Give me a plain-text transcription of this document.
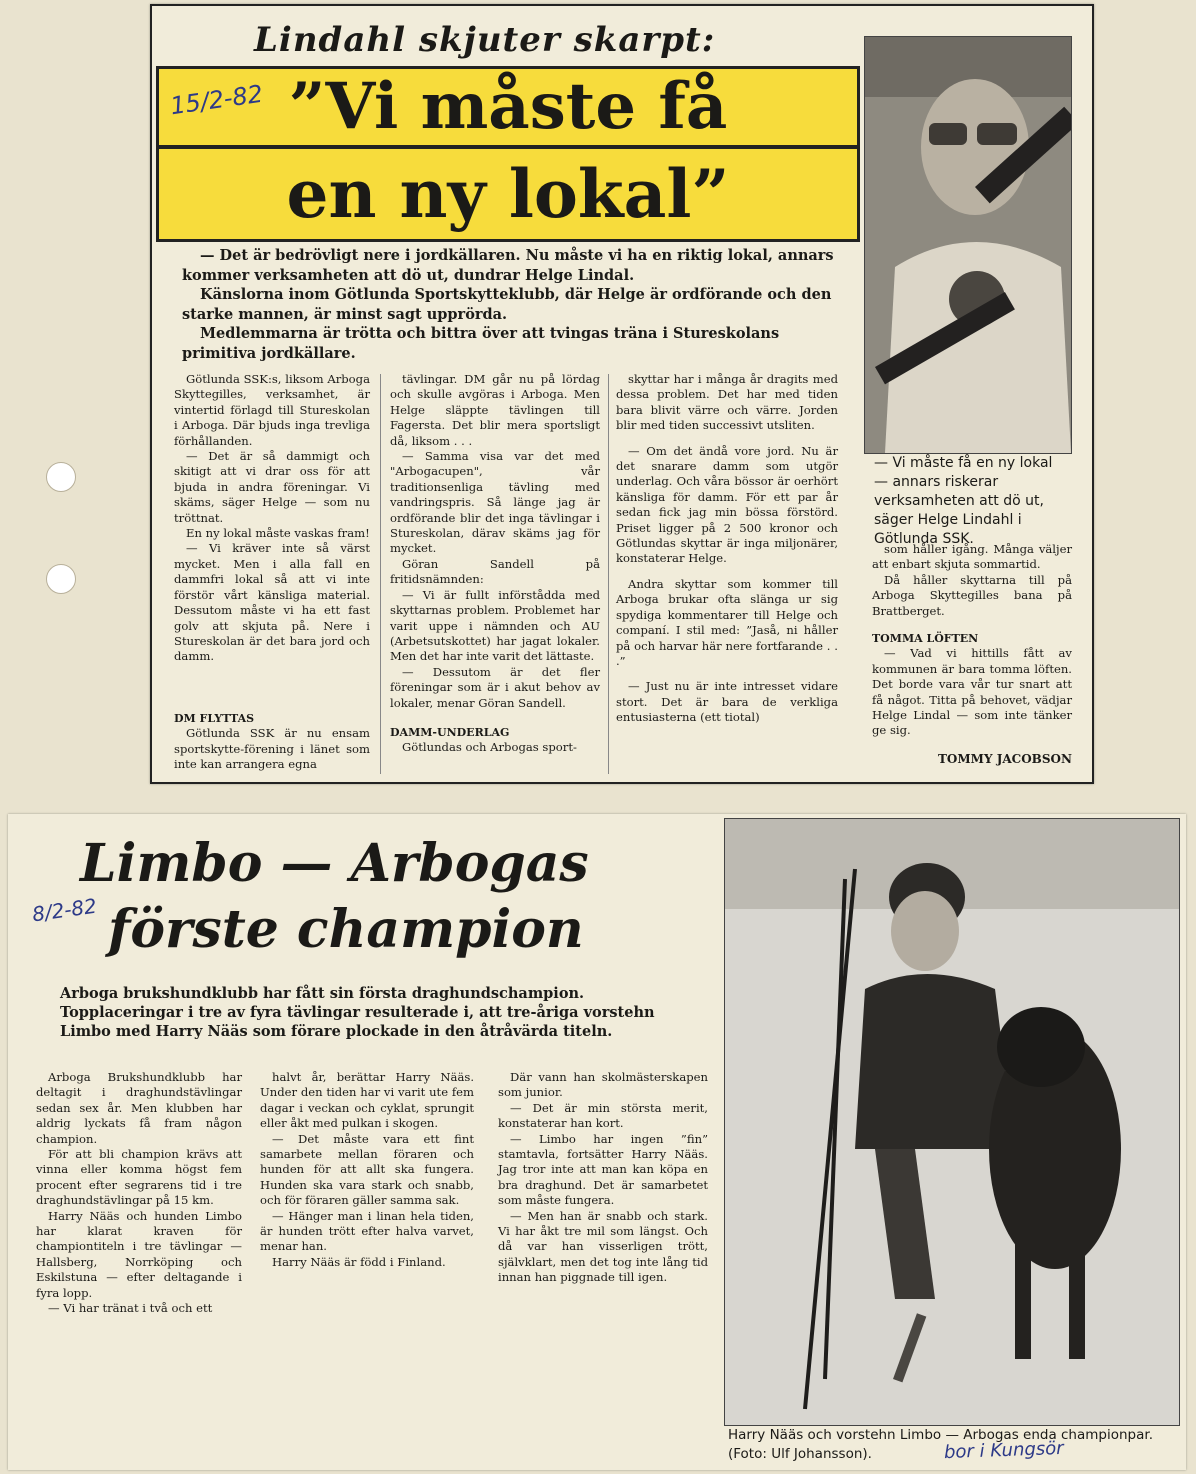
Lindahl skjuter skarpt:
”Vi måste få
en ny lokal”
15/2-82
— Vi måste få en ny lokal — annars riskerar verksamheten att dö ut, säger Helge Lindahl i Götlunda SSK.

— Det är bedrövligt nere i jordkällaren. Nu måste vi ha en riktig lokal, annars kommer verksamheten att dö ut, dundrar Helge Lindal.

Känslorna inom Götlunda Sportskytteklubb, där Helge är ordförande och den starke mannen, är minst sagt upprörda.

Medlemmarna är trötta och bittra över att tvingas träna i Stureskolans primitiva jordkällare.

Götlunda SSK:s, liksom Arboga Skyttegilles, verksamhet, är vintertid förlagd till Stureskolan i Arboga. Där bjuds inga trevliga förhållanden.

— Det är så dammigt och skitigt att vi drar oss för att bjuda in andra föreningar. Vi skäms, säger Helge — som nu tröttnat.

En ny lokal måste vaskas fram!

— Vi kräver inte så värst mycket. Men i alla fall en dammfri lokal så att vi inte förstör vårt känsliga material. Dessutom måste vi ha ett fast golv att skjuta på. Nere i Stureskolan är det bara jord och damm.

DM FLYTTAS

Götlunda SSK är nu ensam sportskytte-förening i länet som inte kan arrangera egna

tävlingar. DM går nu på lördag och skulle avgöras i Arboga. Men Helge släppte tävlingen till Fagersta. Det blir mera sportsligt då, liksom . . .

— Samma visa var det med "Arbogacupen", vår traditionsenliga tävling med vandringspris. Så länge jag är ordförande blir det inga tävlingar i Stureskolan, därav skäms jag för mycket.

Göran Sandell på fritidsnämnden:

— Vi är fullt införstådda med skyttarnas problem. Problemet har varit uppe i nämnden och AU (Arbetsutskottet) har jagat lokaler. Men det har inte varit det lättaste.

— Dessutom är det fler föreningar som är i akut behov av lokaler, menar Göran Sandell.

DAMM-UNDERLAG

Götlundas och Arbogas sport-

skyttar har i många år dragits med dessa problem. Det har med tiden bara blivit värre och värre. Jorden blir med tiden successivt utsliten.

— Om det ändå vore jord. Nu är det snarare damm som utgör underlag. Och våra bössor är oerhört känsliga för damm. För ett par år sedan fick jag min bössa förstörd. Priset ligger på 2 500 kronor och Götlundas skyttar är inga miljonärer, konstaterar Helge.

Andra skyttar som kommer till Arboga brukar ofta slänga ur sig spydiga kommentarer till Helge och companí. I stil med: ”Jaså, ni håller på och harvar här nere fortfarande . . .”

— Just nu är inte intresset vidare stort. Det är bara de verkliga entusiasterna (ett tiotal)

som håller igång. Många väljer att enbart skjuta sommartid.

Då håller skyttarna till på Arboga Skyttegilles bana på Brattberget.

TOMMA LÖFTEN

— Vad vi hittills fått av kommunen är bara tomma löften. Det borde vara vår tur snart att få något. Titta på behovet, vädjar Helge Lindal — som inte tänker ge sig.

TOMMY JACOBSON
Limbo — Arbogas
förste champion
8/2-82
Arboga brukshundklubb har fått sin första draghundschampion. Topplaceringar i tre av fyra tävlingar resulterade i, att tre-åriga vorstehn Limbo med Harry Nääs som förare plockade in den åtråvärda titeln.

Arboga Brukshundklubb har deltagit i draghundstävlingar sedan sex år. Men klubben har aldrig lyckats få fram någon champion.

För att bli champion krävs att vinna eller komma högst fem procent efter segrarens tid i tre draghundstävlingar på 15 km.

Harry Nääs och hunden Limbo har klarat kraven för championtiteln i tre tävlingar — Hallsberg, Norrköping och Eskilstuna — efter deltagande i fyra lopp.

— Vi har tränat i två och ett

halvt år, berättar Harry Nääs. Under den tiden har vi varit ute fem dagar i veckan och cyklat, sprungit eller åkt med pulkan i skogen.

— Det måste vara ett fint samarbete mellan föraren och hunden för att allt ska fungera. Hunden ska vara stark och snabb, och för föraren gäller samma sak.

— Hänger man i linan hela tiden, är hunden trött efter halva varvet, menar han.

Harry Nääs är född i Finland.

Där vann han skolmästerskapen som junior.

— Det är min största merit, konstaterar han kort.

— Limbo har ingen ”fin” stamtavla, fortsätter Harry Nääs. Jag tror inte att man kan köpa en bra draghund. Det är samarbetet som måste fungera.

— Men han är snabb och stark. Vi har åkt tre mil som längst. Och då var han visserligen trött, självklart, men det tog inte lång tid innan han piggnade till igen.

Harry Nääs och vorstehn Limbo — Arbogas enda championpar. (Foto: Ulf Johansson).	bor i Kungsör
